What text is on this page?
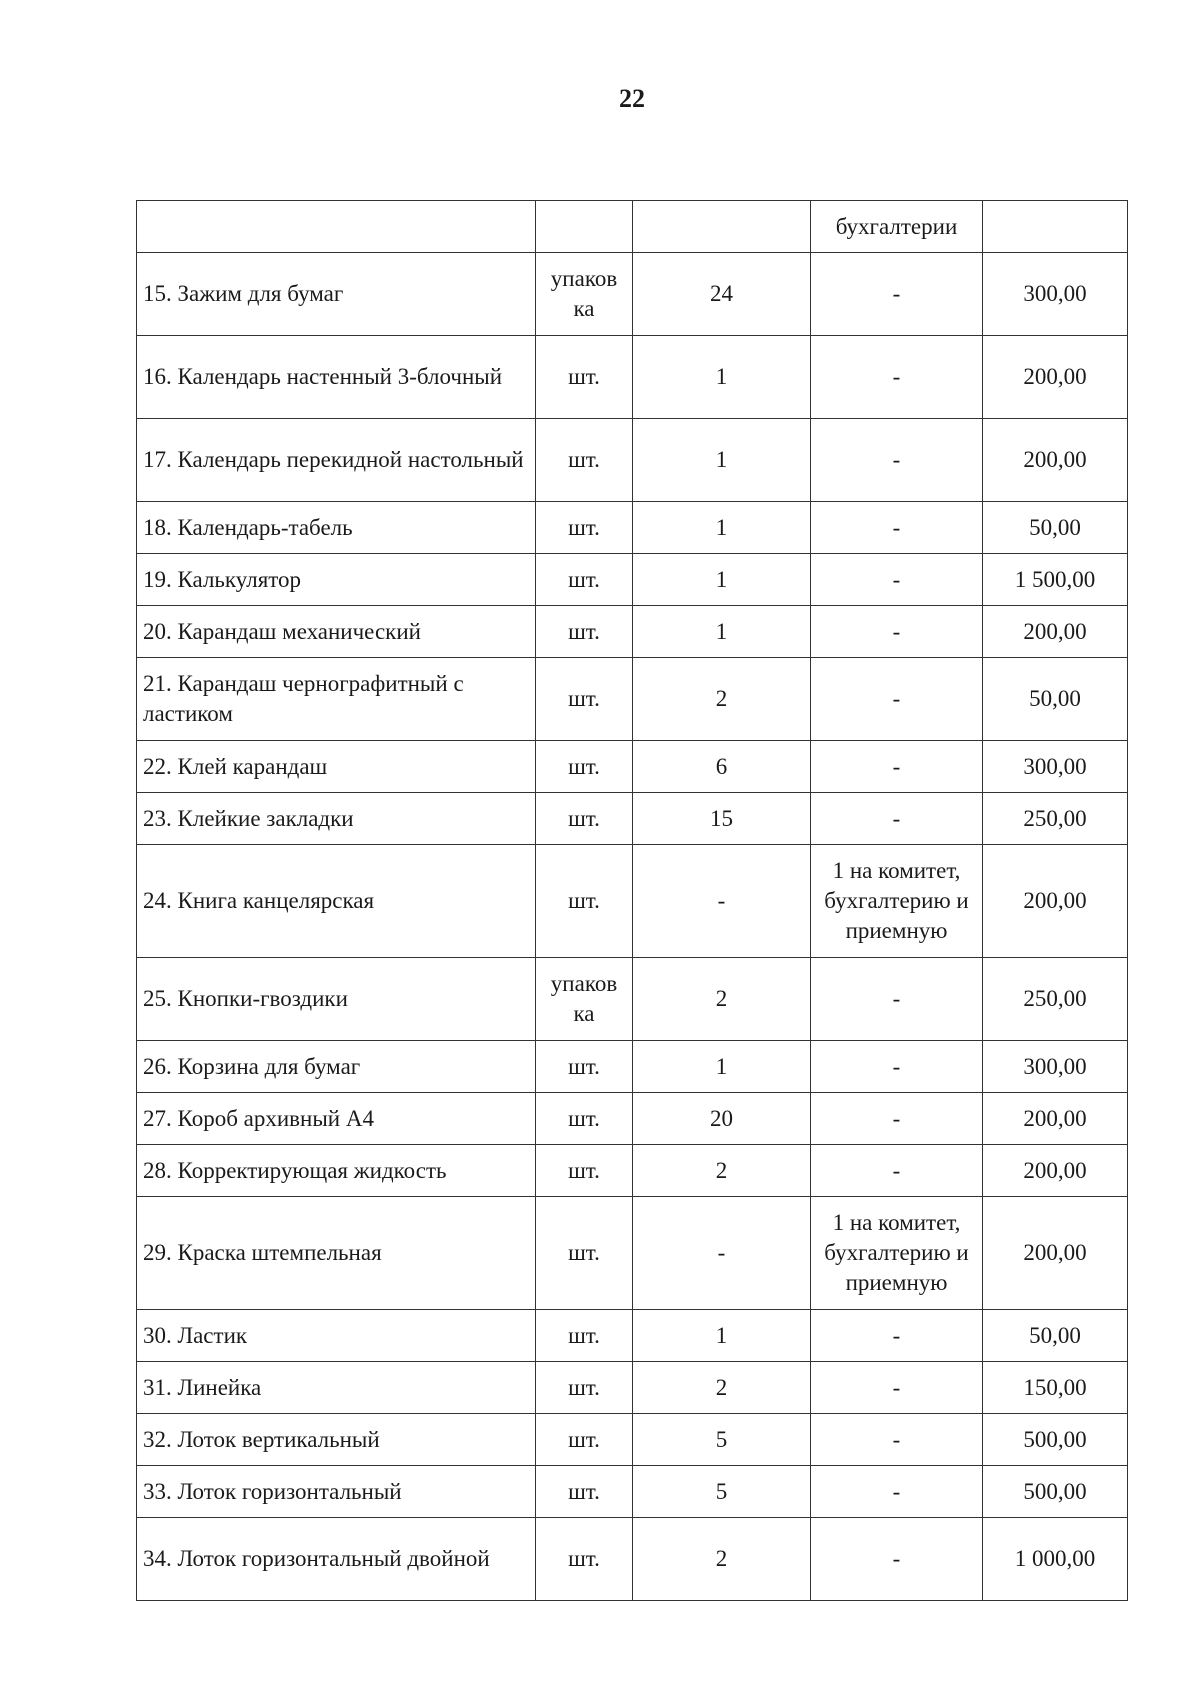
22
			бухгалтерии	
15. Зажим для бумаг	упаков ка	24	-	300,00
16. Календарь настенный 3-блочный	шт.	1	-	200,00
17. Календарь перекидной настольный	шт.	1	-	200,00
18. Календарь-табель	шт.	1	-	50,00
19. Калькулятор	шт.	1	-	1 500,00
20. Карандаш механический	шт.	1	-	200,00
21. Карандаш чернографитный с ластиком	шт.	2	-	50,00
22. Клей карандаш	шт.	6	-	300,00
23. Клейкие закладки	шт.	15	-	250,00
24. Книга канцелярская	шт.	-	1 на комитет, бухгалтерию и приемную	200,00
25. Кнопки-гвоздики	упаков ка	2	-	250,00
26. Корзина для бумаг	шт.	1	-	300,00
27. Короб архивный А4	шт.	20	-	200,00
28. Корректирующая жидкость	шт.	2	-	200,00
29. Краска штемпельная	шт.	-	1 на комитет, бухгалтерию и приемную	200,00
30. Ластик	шт.	1	-	50,00
31. Линейка	шт.	2	-	150,00
32. Лоток вертикальный	шт.	5	-	500,00
33. Лоток горизонтальный	шт.	5	-	500,00
34. Лоток горизонтальный двойной	шт.	2	-	1 000,00
